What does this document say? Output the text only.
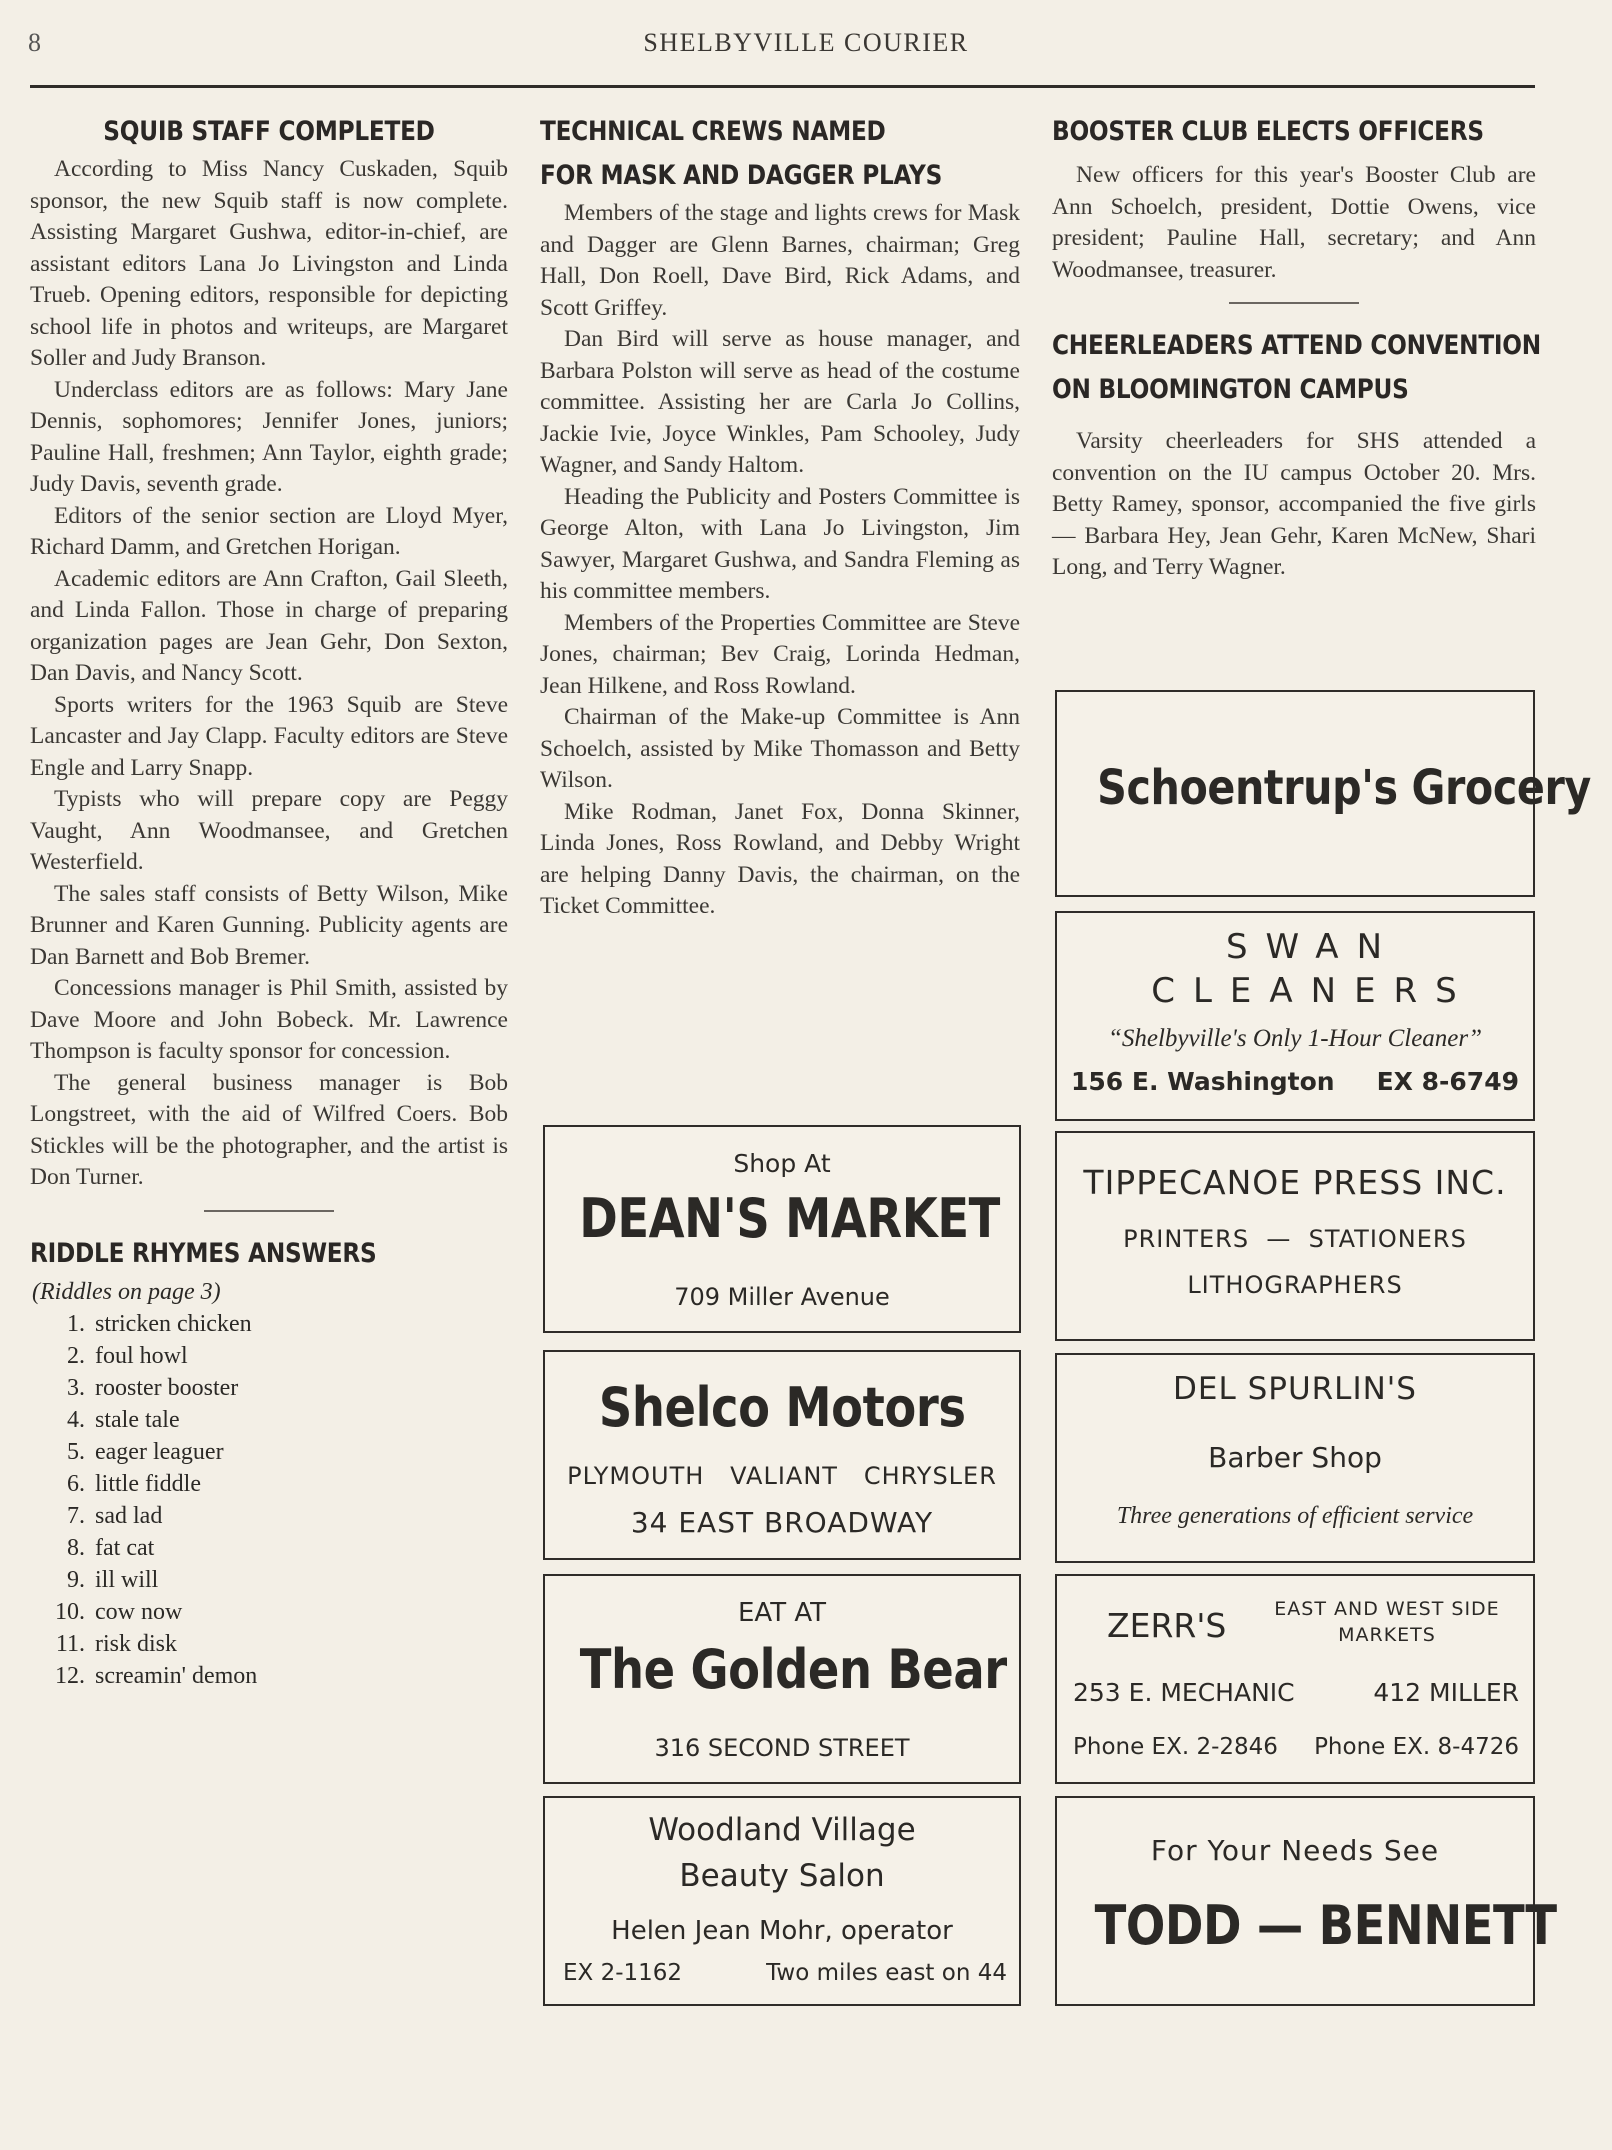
8	SHELBYVILLE COURIER
SQUIB STAFF COMPLETED

According to Miss Nancy Cuskaden, Squib sponsor, the new Squib staff is now complete. Assisting Margaret Gushwa, editor-in-chief, are assistant editors Lana Jo Livingston and Linda Trueb. Opening editors, responsible for depicting school life in photos and writeups, are Margaret Soller and Judy Branson.

Underclass editors are as follows: Mary Jane Dennis, sophomores; Jennifer Jones, juniors; Pauline Hall, freshmen; Ann Taylor, eighth grade; Judy Davis, seventh grade.

Editors of the senior section are Lloyd Myer, Richard Damm, and Gretchen Horigan.

Academic editors are Ann Crafton, Gail Sleeth, and Linda Fallon. Those in charge of preparing organization pages are Jean Gehr, Don Sexton, Dan Davis, and Nancy Scott.

Sports writers for the 1963 Squib are Steve Lancaster and Jay Clapp. Faculty editors are Steve Engle and Larry Snapp.

Typists who will prepare copy are Peggy Vaught, Ann Woodmansee, and Gretchen Westerfield.

The sales staff consists of Betty Wilson, Mike Brunner and Karen Gunning. Publicity agents are Dan Barnett and Bob Bremer.

Concessions manager is Phil Smith, assisted by Dave Moore and John Bobeck. Mr. Lawrence Thompson is faculty sponsor for concession.

The general business manager is Bob Longstreet, with the aid of Wilfred Coers. Bob Stickles will be the photographer, and the artist is Don Turner.

RIDDLE RHYMES ANSWERS
(Riddles on page 3)
1. stricken chicken
2. foul howl
3. rooster booster
4. stale tale
5. eager leaguer
6. little fiddle
7. sad lad
8. fat cat
9. ill will
10. cow now
11. risk disk
12. screamin' demon
TECHNICAL CREWS NAMED
FOR MASK AND DAGGER PLAYS

Members of the stage and lights crews for Mask and Dagger are Glenn Barnes, chairman; Greg Hall, Don Roell, Dave Bird, Rick Adams, and Scott Griffey.

Dan Bird will serve as house manager, and Barbara Polston will serve as head of the costume committee. Assisting her are Carla Jo Collins, Jackie Ivie, Joyce Winkles, Pam Schooley, Judy Wagner, and Sandy Haltom.

Heading the Publicity and Posters Committee is George Alton, with Lana Jo Livingston, Jim Sawyer, Margaret Gushwa, and Sandra Fleming as his committee members.

Members of the Properties Committee are Steve Jones, chairman; Bev Craig, Lorinda Hedman, Jean Hilkene, and Ross Rowland.

Chairman of the Make-up Committee is Ann Schoelch, assisted by Mike Thomasson and Betty Wilson.

Mike Rodman, Janet Fox, Donna Skinner, Linda Jones, Ross Rowland, and Debby Wright are helping Danny Davis, the chairman, on the Ticket Committee.

BOOSTER CLUB ELECTS OFFICERS

New officers for this year's Booster Club are Ann Schoelch, president, Dottie Owens, vice president; Pauline Hall, secretary; and Ann Woodmansee, treasurer.

CHEERLEADERS ATTEND CONVENTION
ON BLOOMINGTON CAMPUS

Varsity cheerleaders for SHS attended a convention on the IU campus October 20. Mrs. Betty Ramey, sponsor, accompanied the five girls — Barbara Hey, Jean Gehr, Karen McNew, Shari Long, and Terry Wagner.

Shop At
DEAN'S MARKET
709 Miller Avenue
Shelco Motors
PLYMOUTH   VALIANT   CHRYSLER
34 EAST BROADWAY
EAT AT
The Golden Bear
316 SECOND STREET
Woodland Village
Beauty Salon
Helen Jean Mohr, operator
EX 2-1162	Two miles east on 44
Schoentrup's Grocery
SWAN
CLEANERS
“Shelbyville's Only 1-Hour Cleaner”
156 E. Washington EX 8-6749
TIPPECANOE PRESS INC.
PRINTERS  —  STATIONERS
LITHOGRAPHERS
DEL SPURLIN'S
Barber Shop
Three generations of efficient service
ZERR'S	EAST AND WEST SIDE
MARKETS
253 E. MECHANIC	412 MILLER
Phone EX. 2-2846 Phone EX. 8-4726
For Your Needs See
TODD — BENNETT
